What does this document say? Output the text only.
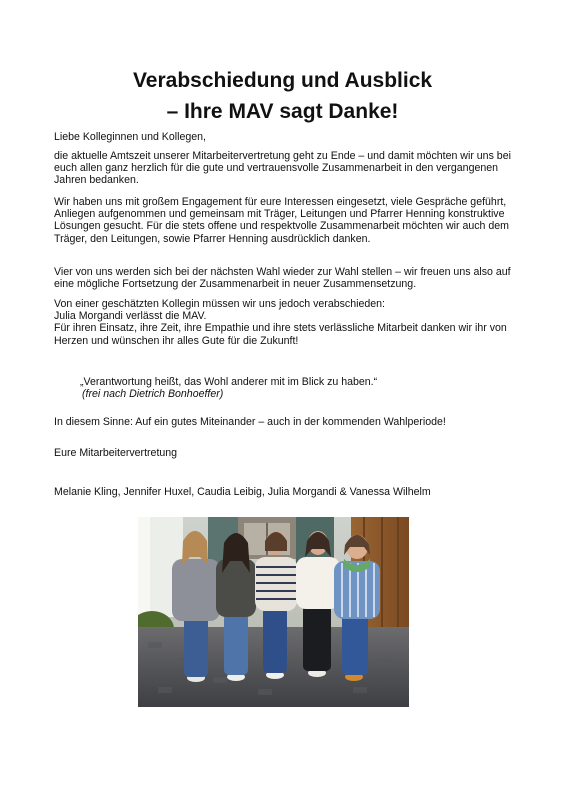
Verabschiedung und Ausblick
– Ihre MAV sagt Danke!
Liebe Kolleginnen und Kollegen,
die aktuelle Amtszeit unserer Mitarbeitervertretung geht zu Ende – und damit möchten wir uns bei euch allen ganz herzlich für die gute und vertrauensvolle Zusammenarbeit in den vergangenen Jahren bedanken.
Wir haben uns mit großem Engagement für eure Interessen eingesetzt, viele Gespräche geführt, Anliegen aufgenommen und gemeinsam mit Träger, Leitungen und Pfarrer Henning konstruktive Lösungen gesucht. Für die stets offene und respektvolle Zusammenarbeit möchten wir auch dem Träger, den Leitungen, sowie Pfarrer Henning ausdrücklich danken.
Vier von uns werden sich bei der nächsten Wahl wieder zur Wahl stellen – wir freuen uns also auf eine mögliche Fortsetzung der Zusammenarbeit in neuer Zusammensetzung.

Von einer geschätzten Kollegin müssen wir uns jedoch verabschieden:

Julia Morgandi verlässt die MAV.

Für ihren Einsatz, ihre Zeit, ihre Empathie und ihre stets verlässliche Mitarbeit danken wir ihr von Herzen und wünschen ihr alles Gute für die Zukunft!

„Verantwortung heißt, das Wohl anderer mit im Blick zu haben.“
(frei nach Dietrich Bonhoeffer)
In diesem Sinne: Auf ein gutes Miteinander – auch in der kommenden Wahlperiode!
Eure Mitarbeitervertretung
Melanie Kling, Jennifer Huxel, Caudia Leibig, Julia Morgandi & Vanessa Wilhelm
